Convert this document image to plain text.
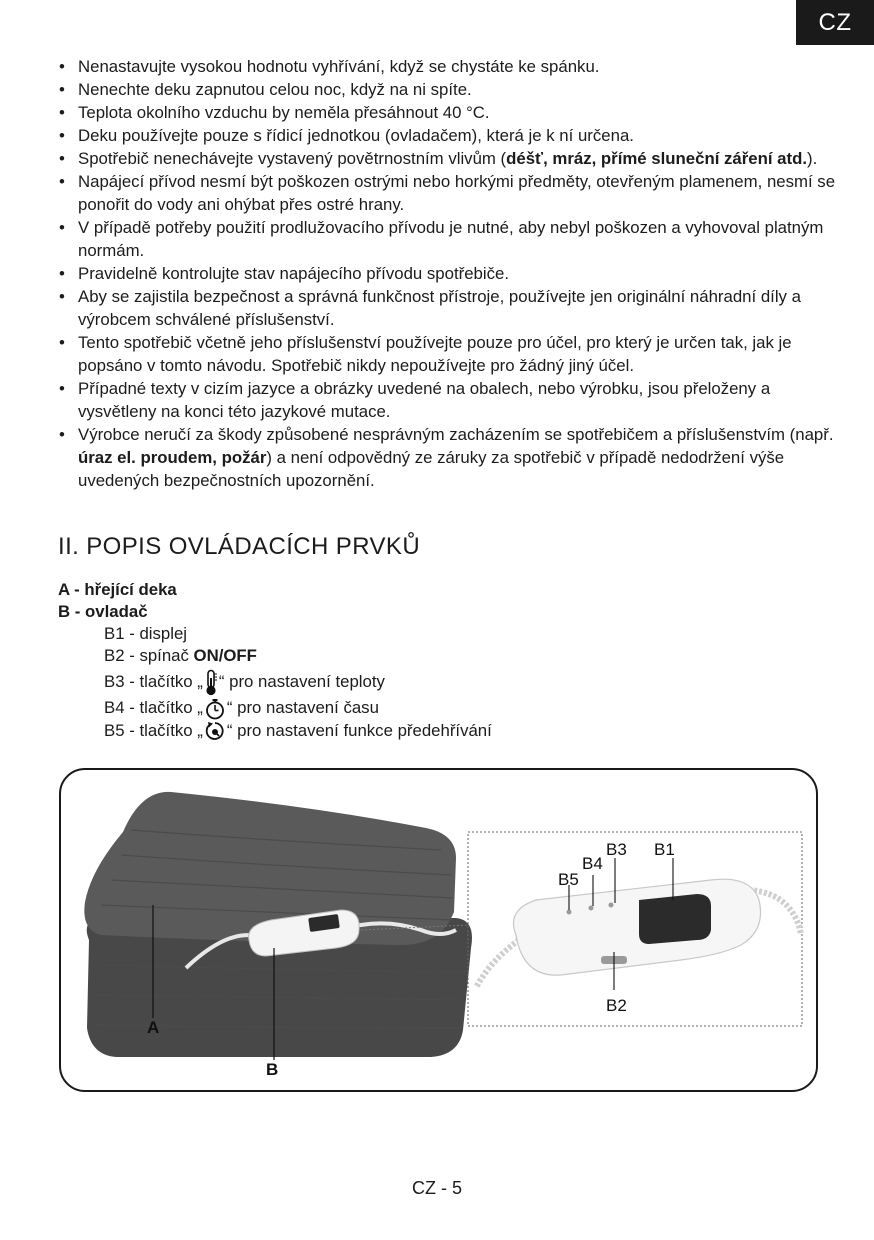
CZ
• Nenastavujte vysokou hodnotu vyhřívání, když se chystáte ke spánku.
• Nenechte deku zapnutou celou noc, když na ni spíte.
• Teplota okolního vzduchu by neměla přesáhnout 40 °C.
• Deku používejte pouze s řídicí jednotkou (ovladačem), která je k ní určena.
• Spotřebič nenechávejte vystavený povětrnostním vlivům (déšť, mráz, přímé sluneční záření atd.).
• Napájecí přívod nesmí být poškozen ostrými nebo horkými předměty, otevřeným plamenem, nesmí se ponořit do vody ani ohýbat přes ostré hrany.
• V případě potřeby použití prodlužovacího přívodu je nutné, aby nebyl poškozen a vyhovoval platným normám.
• Pravidelně kontrolujte stav napájecího přívodu spotřebiče.
• Aby se zajistila bezpečnost a správná funkčnost přístroje, používejte jen originální náhradní díly a výrobcem schválené příslušenství.
• Tento spotřebič včetně jeho příslušenství používejte pouze pro účel, pro který je určen tak, jak je popsáno v tomto návodu. Spotřebič nikdy nepoužívejte pro žádný jiný účel.
• Případné texty v cizím jazyce a obrázky uvedené na obalech, nebo výrobku, jsou přeloženy a vysvětleny na konci této jazykové mutace.
• Výrobce neručí za škody způsobené nesprávným zacházením se spotřebičem a příslušenstvím (např. úraz el. proudem, požár) a není odpovědný ze záruky za spotřebič v případě nedodržení výše uvedených bezpečnostních upozornění.
II. POPIS OVLÁDACÍCH PRVKŮ
A - hřející deka
B - ovladač
B1 - displej
B2 - spínač ON/OFF
B3 - tlačítko „ “ pro nastavení teploty
B4 - tlačítko „ “ pro nastavení času
B5 - tlačítko „ “ pro nastavení funkce předehřívání
A
B
B1
B2
B3
B4
B5
CZ - 5
